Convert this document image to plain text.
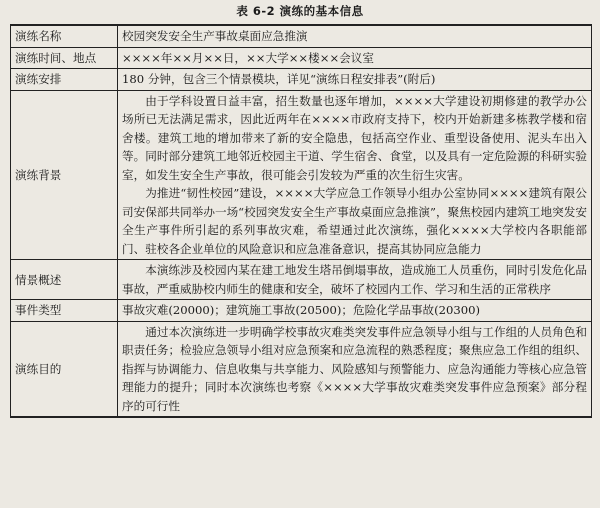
表 6-2 演练的基本信息
演练名称	校园突发安全生产事故桌面应急推演

演练时间、地点	××××年××月××日，××大学××楼××会议室

演练安排	180 分钟，包含三个情景模块，详见“演练日程安排表”(附后)

演练背景	由于学科设置日益丰富，招生数量也逐年增加，××××大学建设初期修建的教学办公场所已无法满足需求，因此近两年在××××市政府支持下，校内开始新建多栋教学楼和宿舍楼。建筑工地的增加带来了新的安全隐患，包括高空作业、重型设备使用、泥头车出入等。同时部分建筑工地邻近校园主干道、学生宿舍、食堂，以及具有一定危险源的科研实验室，如发生安全生产事故，很可能会引发较为严重的次生衍生灾害。

为推进“韧性校园”建设，××××大学应急工作领导小组办公室协同××××建筑有限公司安保部共同举办一场“校园突发安全生产事故桌面应急推演”，聚焦校园内建筑工地突发安全生产事件所引起的系列事故灾难，希望通过此次演练，强化××××大学校内各职能部门、驻校各企业单位的风险意识和应急准备意识，提高其协同应急能力

情景概述	本演练涉及校园内某在建工地发生塔吊倒塌事故，造成施工人员重伤，同时引发危化品事故，严重威胁校内师生的健康和安全，破坏了校园内工作、学习和生活的正常秩序

事件类型	事故灾难(20000)；建筑施工事故(20500)；危险化学品事故(20300)

演练目的	通过本次演练进一步明确学校事故灾难类突发事件应急领导小组与工作组的人员角色和职责任务；检验应急领导小组对应急预案和应急流程的熟悉程度；聚焦应急工作组的组织、指挥与协调能力、信息收集与共享能力、风险感知与预警能力、应急沟通能力等核心应急管理能力的提升；同时本次演练也考察《××××大学事故灾难类突发事件应急预案》部分程序的可行性
